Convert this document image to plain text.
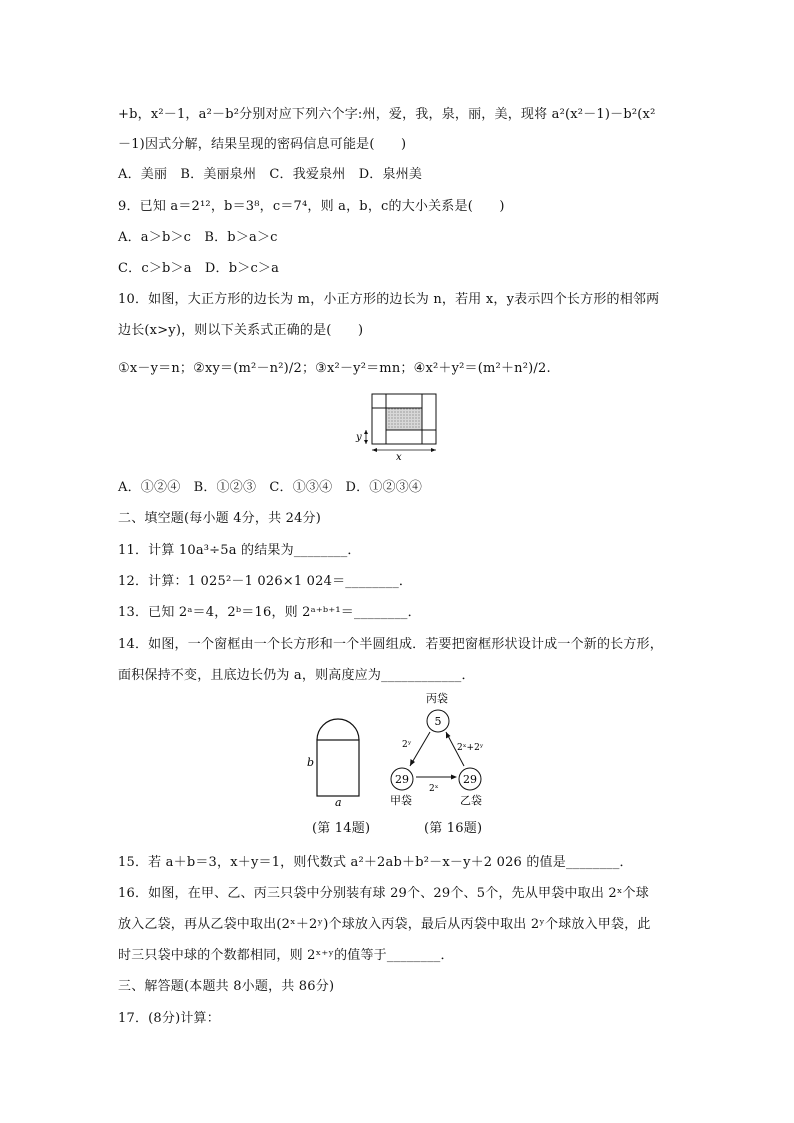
+b，x²－1，a²－b²分别对应下列六个字:州，爱，我，泉，丽，美，现将 a²(x²－1)－b²(x²
－1)因式分解，结果呈现的密码信息可能是(　　)
A．美丽　B．美丽泉州　C．我爱泉州　D．泉州美
9．已知 a＝2¹²，b＝3⁸，c＝7⁴，则 a，b，c的大小关系是(　　)
A．a＞b＞c　B．b＞a＞c
C．c＞b＞a　D．b＞c＞a
10．如图，大正方形的边长为 m，小正方形的边长为 n，若用 x，y表示四个长方形的相邻两
边长(x>y)，则以下关系式正确的是(　　)
①x－y＝n；②xy＝(m²－n²)/2；③x²－y²＝mn；④x²＋y²＝(m²＋n²)/2.
x
y
A．①②④　B．①②③　C．①③④　D．①②③④
二、填空题(每小题 4分，共 24分)
11．计算 10a³÷5a 的结果为________．
12．计算：1 025²－1 026×1 024＝________．
13．已知 2ᵃ＝4，2ᵇ＝16，则 2ᵃ⁺ᵇ⁺¹＝________．
14．如图，一个窗框由一个长方形和一个半圆组成．若要把窗框形状设计成一个新的长方形，
面积保持不变，且底边长仍为 a，则高度应为____________．
b
a
(第 14题)
丙袋
5
29
甲袋
29
乙袋
2ʸ
2ˣ
2ˣ+2ʸ
(第 16题)
15．若 a＋b＝3，x＋y＝1，则代数式 a²＋2ab＋b²－x－y＋2 026 的值是________．
16．如图，在甲、乙、丙三只袋中分别装有球 29个、29个、5个，先从甲袋中取出 2ˣ个球
放入乙袋，再从乙袋中取出(2ˣ＋2ʸ)个球放入丙袋，最后从丙袋中取出 2ʸ个球放入甲袋，此
时三只袋中球的个数都相同，则 2ˣ⁺ʸ的值等于________．
三、解答题(本题共 8小题，共 86分)
17．(8分)计算：
